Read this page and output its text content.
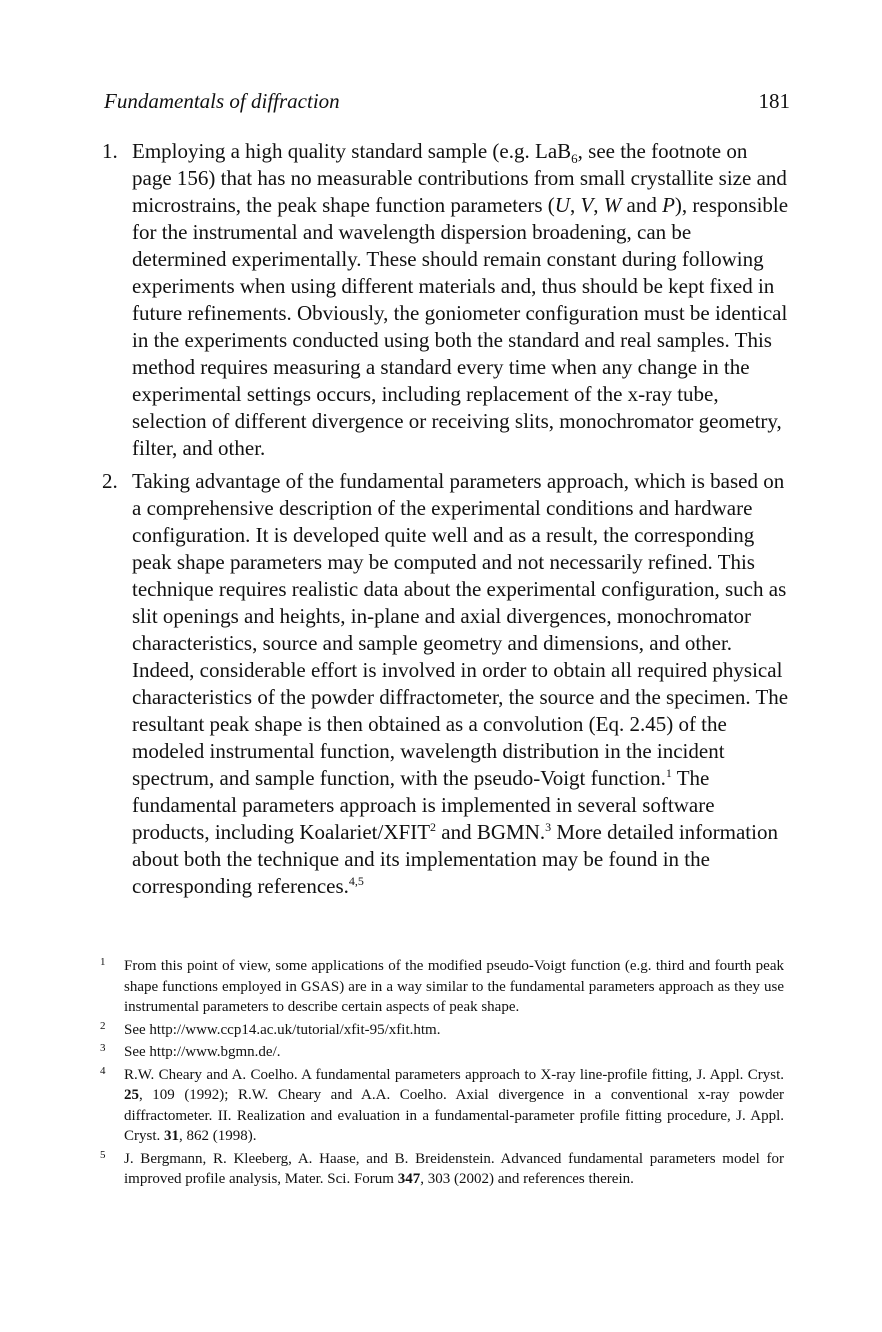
Fundamentals of diffraction	181
1. Employing a high quality standard sample (e.g. LaB$_6$, see the footnote on page 156) that has no measurable contributions from small crystallite size and microstrains, the peak shape function parameters (U, V, W and P), responsible for the instrumental and wavelength dispersion broadening, can be determined experimentally. These should remain constant during following experiments when using different materials and, thus should be kept fixed in future refinements. Obviously, the goniometer configuration must be identical in the experiments conducted using both the standard and real samples. This method requires measuring a standard every time when any change in the experimental settings occurs, including replacement of the x-ray tube, selection of different divergence or receiving slits, monochromator geometry, filter, and other.

2. Taking advantage of the fundamental parameters approach, which is based on a comprehensive description of the experimental conditions and hardware configuration. It is developed quite well and as a result, the corresponding peak shape parameters may be computed and not necessarily refined. This technique requires realistic data about the experimental configuration, such as slit openings and heights, in-plane and axial divergences, monochromator characteristics, source and sample geometry and dimensions, and other. Indeed, considerable effort is involved in order to obtain all required physical characteristics of the powder diffractometer, the source and the specimen. The resultant peak shape is then obtained as a convolution (Eq. 2.45) of the modeled instrumental function, wavelength distribution in the incident spectrum, and sample function, with the pseudo-Voigt function.$^1$ The fundamental parameters approach is implemented in several software products, including Koalariet/XFIT$^2$ and BGMN.$^3$ More detailed information about both the technique and its implementation may be found in the corresponding references.$^{4,5}$

1 From this point of view, some applications of the modified pseudo-Voigt function (e.g. third and fourth peak shape functions employed in GSAS) are in a way similar to the fundamental parameters approach as they use instrumental parameters to describe certain aspects of peak shape.
2 See http://www.ccp14.ac.uk/tutorial/xfit-95/xfit.htm.
3 See http://www.bgmn.de/.
4 R.W. Cheary and A. Coelho. A fundamental parameters approach to X-ray line-profile fitting, J. Appl. Cryst. 25, 109 (1992); R.W. Cheary and A.A. Coelho. Axial divergence in a conventional x-ray powder diffractometer. II. Realization and evaluation in a fundamental-parameter profile fitting procedure, J. Appl. Cryst. 31, 862 (1998).
5 J. Bergmann, R. Kleeberg, A. Haase, and B. Breidenstein. Advanced fundamental parameters model for improved profile analysis, Mater. Sci. Forum 347, 303 (2002) and references therein.
